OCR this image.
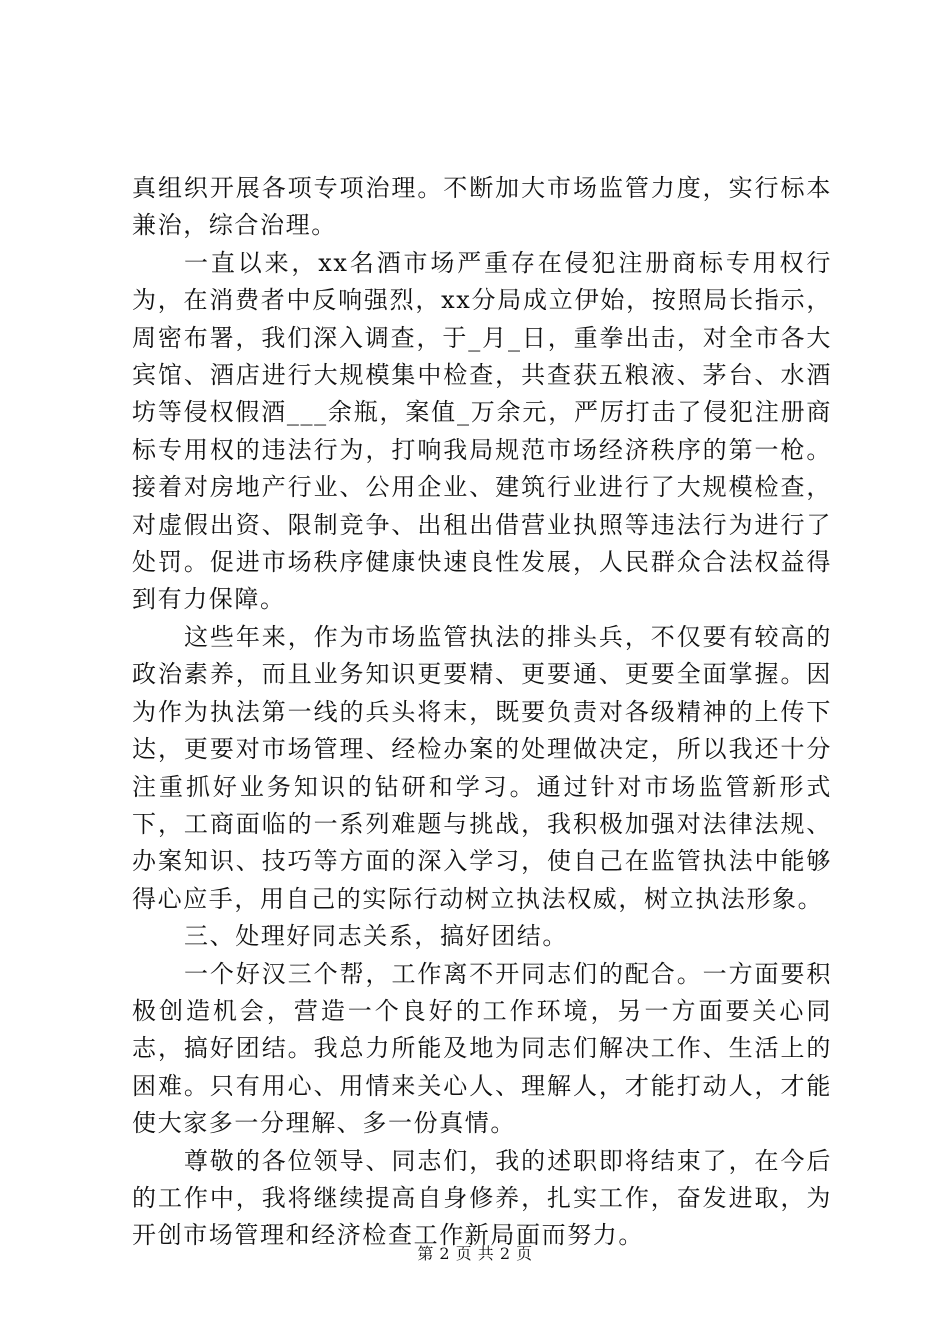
真组织开展各项专项治理。不断加大市场监管力度，实行标本兼治，综合治理。

一直以来，xx名酒市场严重存在侵犯注册商标专用权行为，在消费者中反响强烈，xx分局成立伊始，按照局长指示，周密布署，我们深入调查，于_月_日，重拳出击，对全市各大宾馆、酒店进行大规模集中检查，共查获五粮液、茅台、水酒坊等侵权假酒___余瓶，案值_万余元，严厉打击了侵犯注册商标专用权的违法行为，打响我局规范市场经济秩序的第一枪。接着对房地产行业、公用企业、建筑行业进行了大规模检查，对虚假出资、限制竞争、出租出借营业执照等违法行为进行了处罚。促进市场秩序健康快速良性发展，人民群众合法权益得到有力保障。

这些年来，作为市场监管执法的排头兵，不仅要有较高的政治素养，而且业务知识更要精、更要通、更要全面掌握。因为作为执法第一线的兵头将末，既要负责对各级精神的上传下达，更要对市场管理、经检办案的处理做决定，所以我还十分注重抓好业务知识的钻研和学习。通过针对市场监管新形式下，工商面临的一系列难题与挑战，我积极加强对法律法规、办案知识、技巧等方面的深入学习，使自己在监管执法中能够得心应手，用自己的实际行动树立执法权威，树立执法形象。

三、处理好同志关系，搞好团结。

一个好汉三个帮，工作离不开同志们的配合。一方面要积极创造机会，营造一个良好的工作环境，另一方面要关心同志，搞好团结。我总力所能及地为同志们解决工作、生活上的困难。只有用心、用情来关心人、理解人，才能打动人，才能使大家多一分理解、多一份真情。

尊敬的各位领导、同志们，我的述职即将结束了，在今后的工作中，我将继续提高自身修养，扎实工作，奋发进取，为开创市场管理和经济检查工作新局面而努力。

第 2 页 共 2 页
